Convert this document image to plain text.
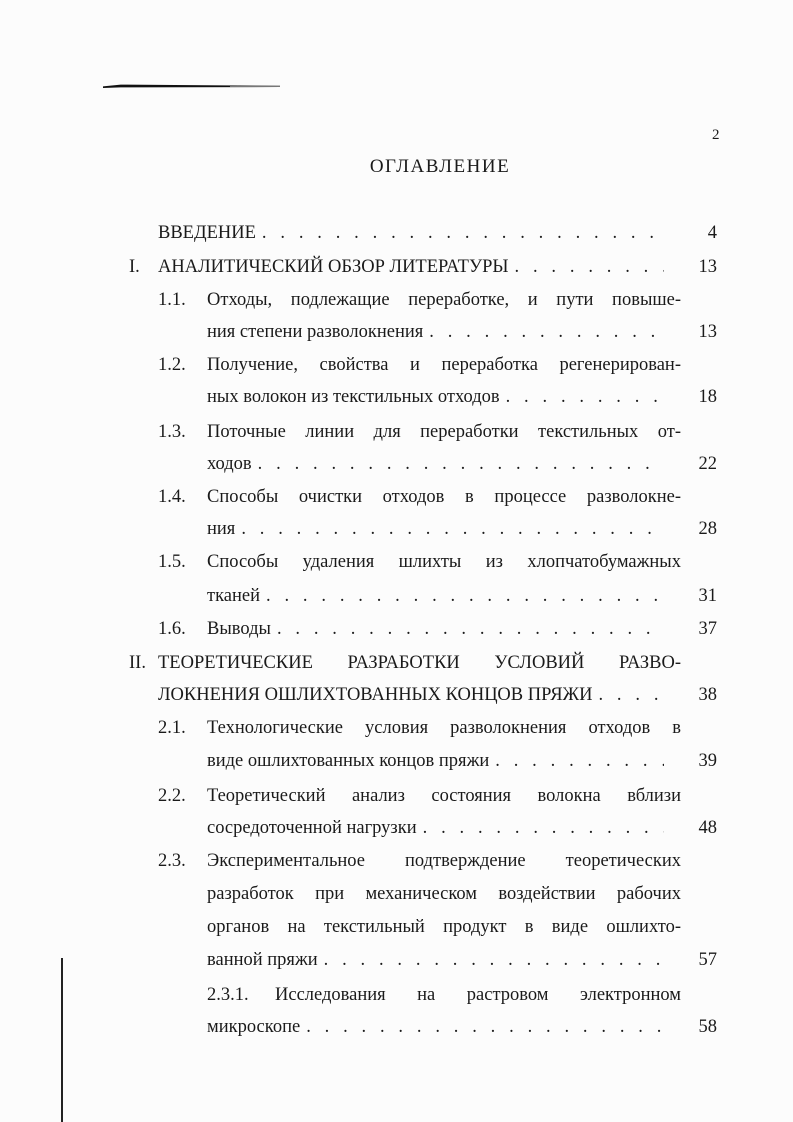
2
ОГЛАВЛЕНИЕ
ВВЕДЕНИЕ . . .	4
I. АНАЛИТИЧЕСКИЙ ОБЗОР ЛИТЕРАТУРЫ . . .	13
1.1. Отходы, подлежащие переработке, и пути повыше-
ния степени разволокнения . . .	13
1.2. Получение, свойства и переработка регенерирован-
ных волокон из текстильных отходов . . .	18
1.3. Поточные линии для переработки текстильных от-
ходов . . .	22
1.4. Способы очистки отходов в процессе разволокне-
ния . . .	28
1.5. Способы удаления шлихты из хлопчатобумажных
тканей . . .	31
1.6. Выводы . . .	37
II. ТЕОРЕТИЧЕСКИЕ РАЗРАБОТКИ УСЛОВИЙ РАЗВО-
ЛОКНЕНИЯ ОШЛИХТОВАННЫХ КОНЦОВ ПРЯЖИ . . .	38
2.1. Технологические условия разволокнения отходов в
виде ошлихтованных концов пряжи . . .	39
2.2. Теоретический анализ состояния волокна вблизи
сосредоточенной нагрузки . . .	48
2.3. Экспериментальное подтверждение теоретических
разработок при механическом воздействии рабочих
органов на текстильный продукт в виде ошлихто-
ванной пряжи . . .	57
2.3.1. Исследования на растровом электронном
микроскопе . . .	58
